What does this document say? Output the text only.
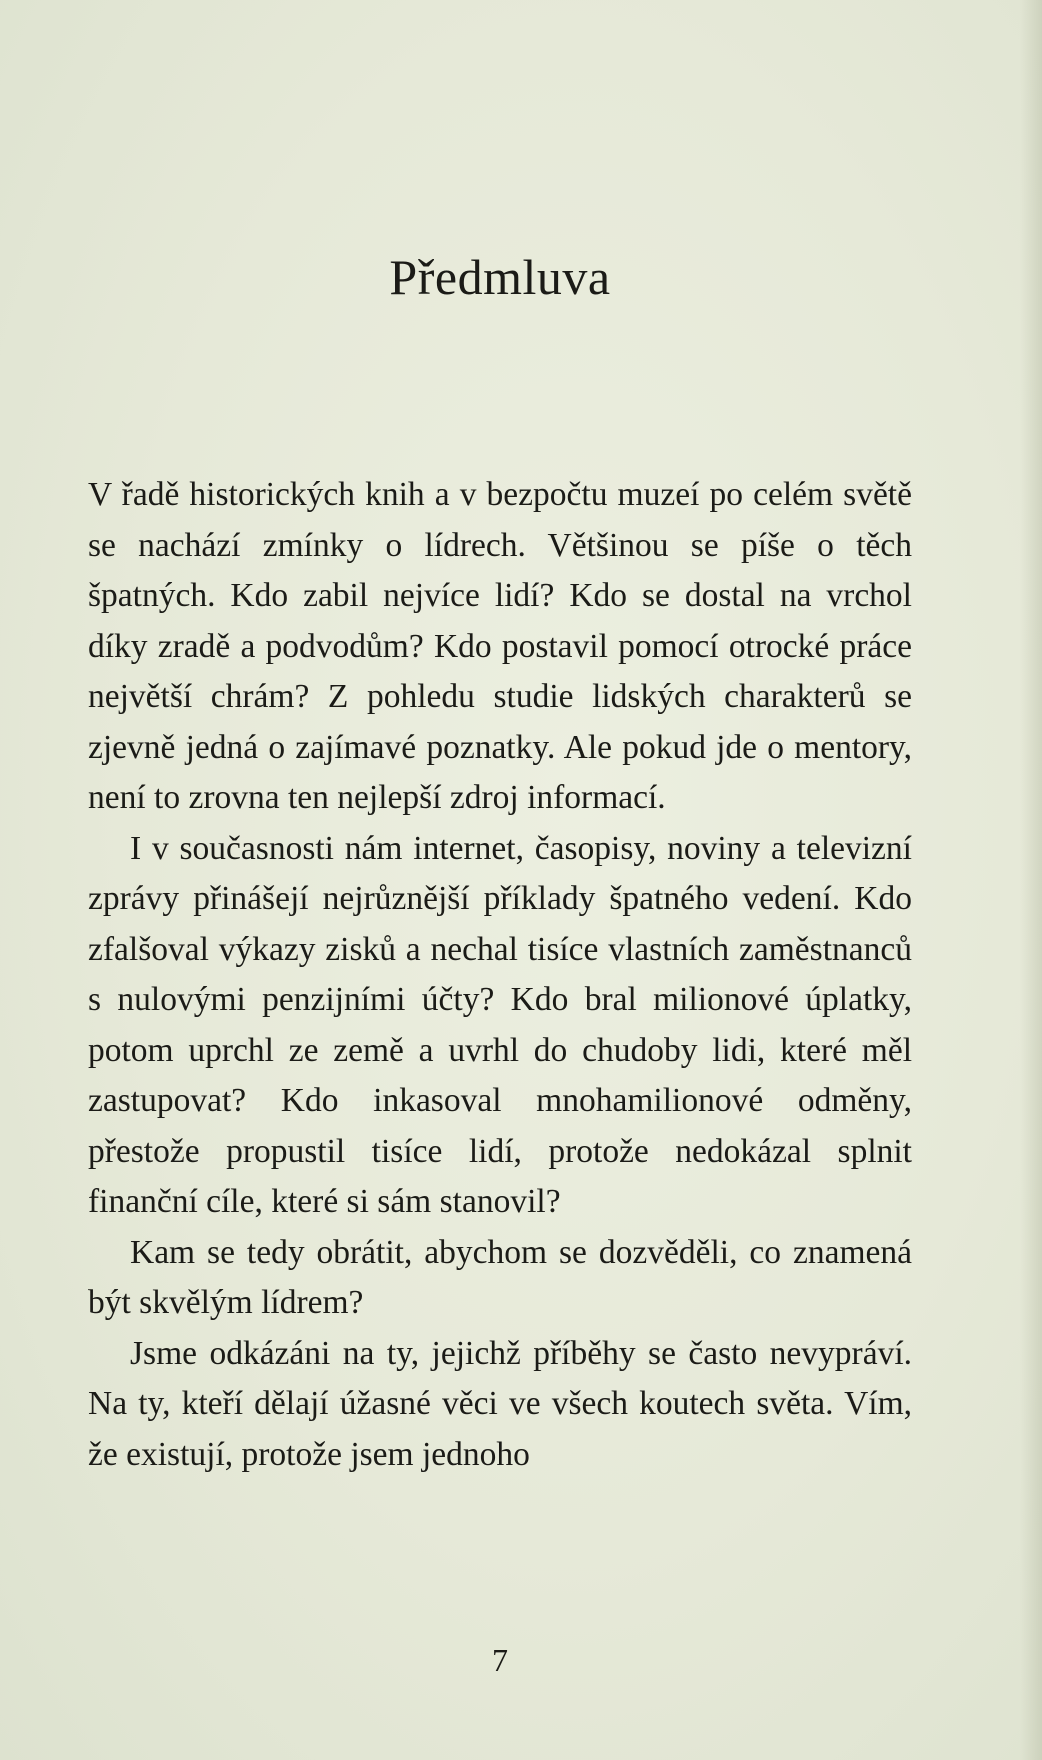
Předmluva

V řadě historických knih a v bezpočtu muzeí po celém světě se nachází zmínky o lídrech. Většinou se píše o těch špatných. Kdo zabil nejvíce lidí? Kdo se dostal na vrchol díky zradě a podvodům? Kdo postavil pomocí otrocké práce největší chrám? Z pohledu studie lidských charakterů se zjevně jedná o zajímavé poznatky. Ale pokud jde o mentory, není to zrovna ten nejlepší zdroj informací.

I v současnosti nám internet, časopisy, noviny a televizní zprávy přinášejí nejrůznější příklady špatného vedení. Kdo zfalšoval výkazy zisků a nechal tisíce vlastních zaměstnanců s nulovými penzijními účty? Kdo bral milionové úplatky, potom uprchl ze země a uvrhl do chudoby lidi, které měl zastupovat? Kdo inkasoval mnohamilionové odměny, přestože propustil tisíce lidí, protože nedokázal splnit finanční cíle, které si sám stanovil?

Kam se tedy obrátit, abychom se dozvěděli, co znamená být skvělým lídrem?

Jsme odkázáni na ty, jejichž příběhy se často nevypráví. Na ty, kteří dělají úžasné věci ve všech koutech světa. Vím, že existují, protože jsem jednoho

7
